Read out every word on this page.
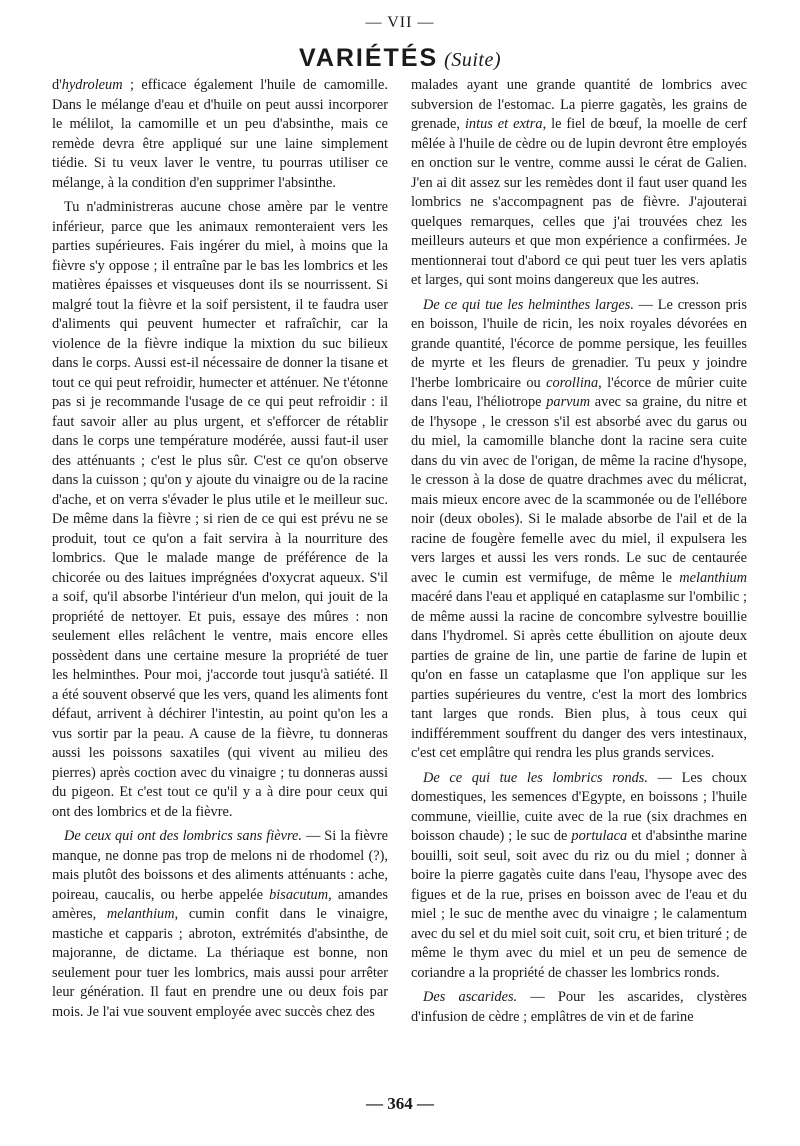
— VII —
VARIÉTÉS (Suite)

d'hydroleum ; efficace également l'huile de camomille. Dans le mélange d'eau et d'huile on peut aussi incorporer le mélilot, la camomille et un peu d'absinthe, mais ce remède devra être appliqué sur une laine simplement tiédie. Si tu veux laver le ventre, tu pourras utiliser ce mélange, à la condition d'en supprimer l'absinthe.

Tu n'administreras aucune chose amère par le ventre inférieur, parce que les animaux remonteraient vers les parties supérieures. Fais ingérer du miel, à moins que la fièvre s'y oppose ; il entraîne par le bas les lombrics et les matières épaisses et visqueuses dont ils se nourrissent. Si malgré tout la fièvre et la soif persistent, il te faudra user d'aliments qui peuvent humecter et rafraîchir, car la violence de la fièvre indique la mixtion du suc bilieux dans le corps. Aussi est-il nécessaire de donner la tisane et tout ce qui peut refroidir, humecter et atténuer. Ne t'étonne pas si je recommande l'usage de ce qui peut refroidir : il faut savoir aller au plus urgent, et s'efforcer de rétablir dans le corps une température modérée, aussi faut-il user des atténuants ; c'est le plus sûr. C'est ce qu'on observe dans la cuisson ; qu'on y ajoute du vinaigre ou de la racine d'ache, et on verra s'évader le plus utile et le meilleur suc. De même dans la fièvre ; si rien de ce qui est prévu ne se produit, tout ce qu'on a fait servira à la nourriture des lombrics. Que le malade mange de préférence de la chicorée ou des laitues imprégnées d'oxycrat aqueux. S'il a soif, qu'il absorbe l'intérieur d'un melon, qui jouit de la propriété de nettoyer. Et puis, essaye des mûres : non seulement elles relâchent le ventre, mais encore elles possèdent dans une certaine mesure la propriété de tuer les helminthes. Pour moi, j'accorde tout jusqu'à satiété. Il a été souvent observé que les vers, quand les aliments font défaut, arrivent à déchirer l'intestin, au point qu'on les a vus sortir par la peau. A cause de la fièvre, tu donneras aussi les poissons saxatiles (qui vivent au milieu des pierres) après coction avec du vinaigre ; tu donneras aussi du pigeon. Et c'est tout ce qu'il y a à dire pour ceux qui ont des lombrics et de la fièvre.

De ceux qui ont des lombrics sans fièvre. — Si la fièvre manque, ne donne pas trop de melons ni de rhodomel (?), mais plutôt des boissons et des aliments atténuants : ache, poireau, caucalis, ou herbe appelée bisacutum, amandes amères, melanthium, cumin confit dans le vinaigre, mastiche et capparis ; abroton, extrémités d'absinthe, de majoranne, de dictame. La thériaque est bonne, non seulement pour tuer les lombrics, mais aussi pour arrêter leur génération. Il faut en prendre une ou deux fois par mois. Je l'ai vue souvent employée avec succès chez des

malades ayant une grande quantité de lombrics avec subversion de l'estomac. La pierre gagatès, les grains de grenade, intus et extra, le fiel de bœuf, la moelle de cerf mêlée à l'huile de cèdre ou de lupin devront être employés en onction sur le ventre, comme aussi le cérat de Galien. J'en ai dit assez sur les remèdes dont il faut user quand les lombrics ne s'accompagnent pas de fièvre. J'ajouterai quelques remarques, celles que j'ai trouvées chez les meilleurs auteurs et que mon expérience a confirmées. Je mentionnerai tout d'abord ce qui peut tuer les vers aplatis et larges, qui sont moins dangereux que les autres.

De ce qui tue les helminthes larges. — Le cresson pris en boisson, l'huile de ricin, les noix royales dévorées en grande quantité, l'écorce de pomme persique, les feuilles de myrte et les fleurs de grenadier. Tu peux y joindre l'herbe lombricaire ou corollina, l'écorce de mûrier cuite dans l'eau, l'héliotrope parvum avec sa graine, du nitre et de l'hysope , le cresson s'il est absorbé avec du garus ou du miel, la camomille blanche dont la racine sera cuite dans du vin avec de l'origan, de même la racine d'hysope, le cresson à la dose de quatre drachmes avec du mélicrat, mais mieux encore avec de la scammonée ou de l'ellébore noir (deux oboles). Si le malade absorbe de l'ail et de la racine de fougère femelle avec du miel, il expulsera les vers larges et aussi les vers ronds. Le suc de centaurée avec le cumin est vermifuge, de même le melanthium macéré dans l'eau et appliqué en cataplasme sur l'ombilic ; de même aussi la racine de concombre sylvestre bouillie dans l'hydromel. Si après cette ébullition on ajoute deux parties de graine de lin, une partie de farine de lupin et qu'on en fasse un cataplasme que l'on applique sur les parties supérieures du ventre, c'est la mort des lombrics tant larges que ronds. Bien plus, à tous ceux qui indifféremment souffrent du danger des vers intestinaux, c'est cet emplâtre qui rendra les plus grands services.

De ce qui tue les lombrics ronds. — Les choux domestiques, les semences d'Egypte, en boissons ; l'huile commune, vieillie, cuite avec de la rue (six drachmes en boisson chaude) ; le suc de portulaca et d'absinthe marine bouilli, soit seul, soit avec du riz ou du miel ; donner à boire la pierre gagatès cuite dans l'eau, l'hysope avec des figues et de la rue, prises en boisson avec de l'eau et du miel ; le suc de menthe avec du vinaigre ; le calamentum avec du sel et du miel soit cuit, soit cru, et bien trituré ; de même le thym avec du miel et un peu de semence de coriandre a la propriété de chasser les lombrics ronds.

Des ascarides. — Pour les ascarides, clystères d'infusion de cèdre ; emplâtres de vin et de farine

— 364 —
